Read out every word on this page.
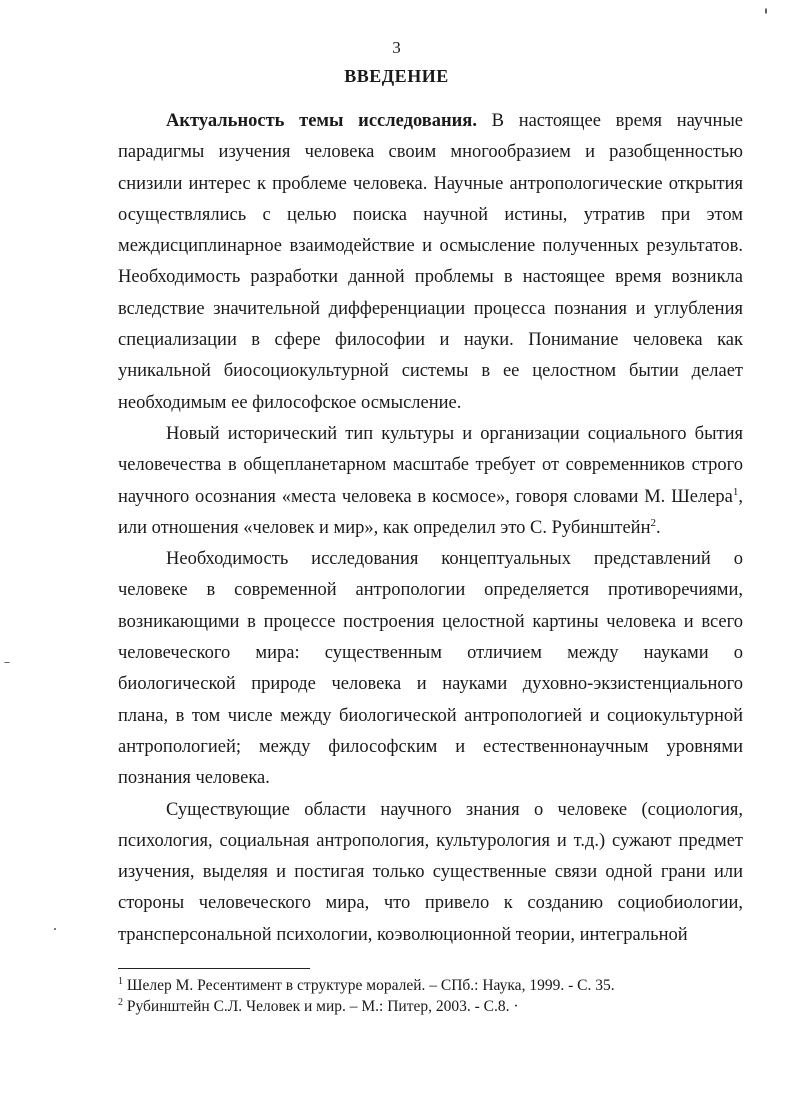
3
ВВЕДЕНИЕ
Актуальность темы исследования. В настоящее время научные
парадигмы изучения человека своим многообразием и разобщенностью
снизили интерес к проблеме человека. Научные антропологические открытия
осуществлялись с целью поиска научной истины, утратив при этом
междисциплинарное взаимодействие и осмысление полученных результатов.
Необходимость разработки данной проблемы в настоящее время возникла
вследствие значительной дифференциации процесса познания и углубления
специализации в сфере философии и науки. Понимание человека как
уникальной биосоциокультурной системы в ее целостном бытии делает
необходимым ее философское осмысление.
Новый исторический тип культуры и организации социального бытия
человечества в общепланетарном масштабе требует от современников строго
научного осознания «места человека в космосе», говоря словами М. Шелера$^1$,
или отношения «человек и мир», как определил это С. Рубинштейн$^2$.
Необходимость исследования концептуальных представлений о
человеке в современной антропологии определяется противоречиями,
возникающими в процессе построения целостной картины человека и всего
человеческого мира: существенным отличием между науками о
биологической природе человека и науками духовно-экзистенциального
плана, в том числе между биологической антропологией и социокультурной
антропологией; между философским и естественнонаучным уровнями
познания человека.
Существующие области научного знания о человеке (социология,
психология, социальная антропология, культурология и т.д.) сужают предмет
изучения, выделяя и постигая только существенные связи одной грани или
стороны человеческого мира, что привело к созданию социобиологии,
трансперсональной психологии, коэволюционной теории, интегральной
$^1$ Шелер М. Ресентимент в структуре моралей. – СПб.: Наука, 1999. - С. 35.
$^2$ Рубинштейн С.Л. Человек и мир. – М.: Питер, 2003. - С.8. ·
